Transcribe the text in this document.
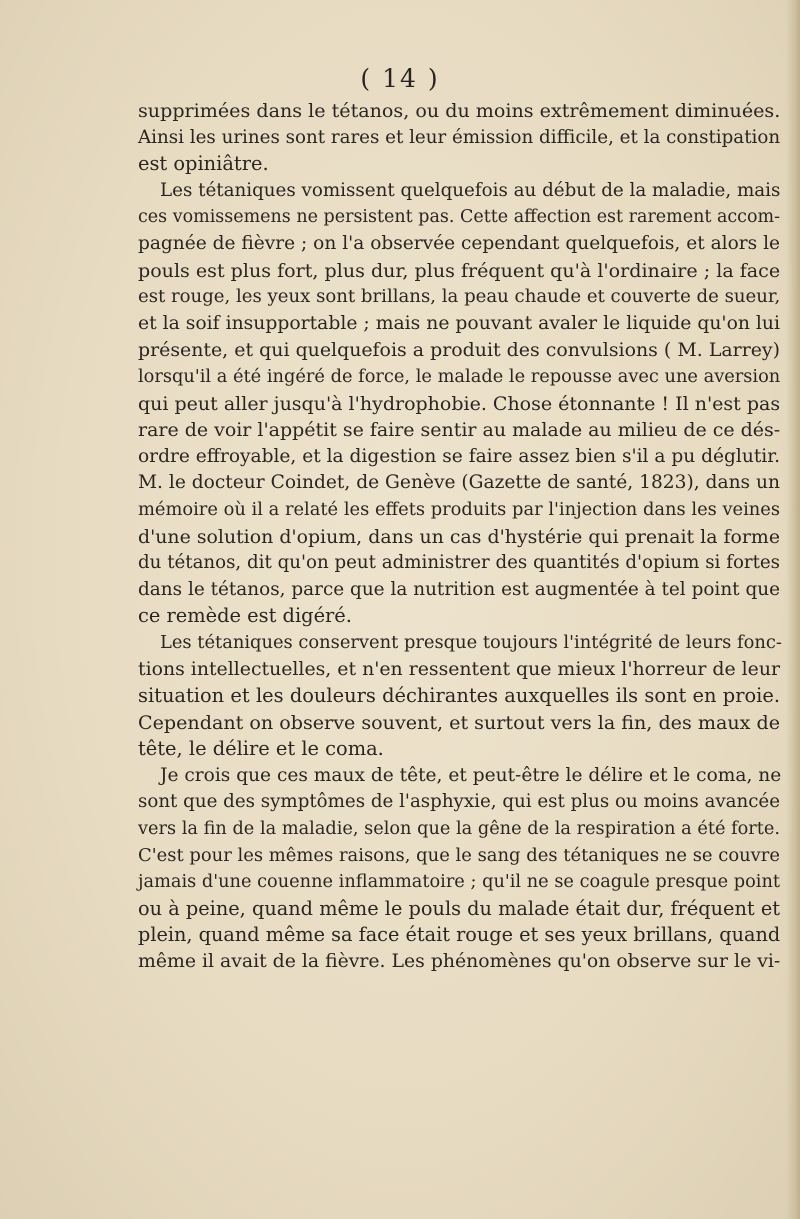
( 14 )
supprimées dans le tétanos, ou du moins extrêmement diminuées.
Ainsi les urines sont rares et leur émission difficile, et la constipation
est opiniâtre.
Les tétaniques vomissent quelquefois au début de la maladie, mais
ces vomissemens ne persistent pas. Cette affection est rarement accom-
pagnée de fièvre ; on l'a observée cependant quelquefois, et alors le
pouls est plus fort, plus dur, plus fréquent qu'à l'ordinaire ; la face
est rouge, les yeux sont brillans, la peau chaude et couverte de sueur,
et la soif insupportable ; mais ne pouvant avaler le liquide qu'on lui
présente, et qui quelquefois a produit des convulsions ( M. Larrey)
lorsqu'il a été ingéré de force, le malade le repousse avec une aversion
qui peut aller jusqu'à l'hydrophobie. Chose étonnante ! Il n'est pas
rare de voir l'appétit se faire sentir au malade au milieu de ce dés-
ordre effroyable, et la digestion se faire assez bien s'il a pu déglutir.
M. le docteur Coindet, de Genève (Gazette de santé, 1823), dans un
mémoire où il a relaté les effets produits par l'injection dans les veines
d'une solution d'opium, dans un cas d'hystérie qui prenait la forme
du tétanos, dit qu'on peut administrer des quantités d'opium si fortes
dans le tétanos, parce que la nutrition est augmentée à tel point que
ce remède est digéré.
Les tétaniques conservent presque toujours l'intégrité de leurs fonc-
tions intellectuelles, et n'en ressentent que mieux l'horreur de leur
situation et les douleurs déchirantes auxquelles ils sont en proie.
Cependant on observe souvent, et surtout vers la fin, des maux de
tête, le délire et le coma.
Je crois que ces maux de tête, et peut-être le délire et le coma, ne
sont que des symptômes de l'asphyxie, qui est plus ou moins avancée
vers la fin de la maladie, selon que la gêne de la respiration a été forte.
C'est pour les mêmes raisons, que le sang des tétaniques ne se couvre
jamais d'une couenne inflammatoire ; qu'il ne se coagule presque point
ou à peine, quand même le pouls du malade était dur, fréquent et
plein, quand même sa face était rouge et ses yeux brillans, quand
même il avait de la fièvre. Les phénomènes qu'on observe sur le vi-
